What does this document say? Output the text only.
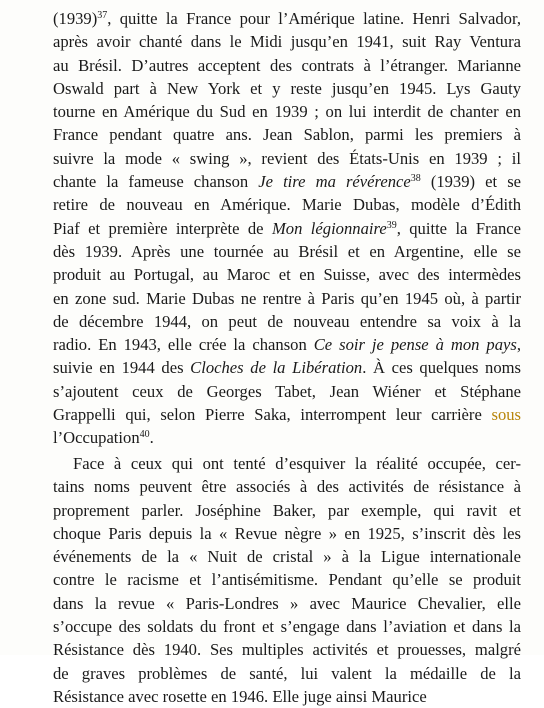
$(1939)^{37}$, quitte la France pour l’Amérique latine. Henri Salvador,
après avoir chanté dans le Midi jusqu’en 1941, suit Ray Ventura
au Brésil. D’autres acceptent des contrats à l’étranger. Marianne
Oswald part à New York et y reste jusqu’en 1945. Lys Gauty
tourne en Amérique du Sud en 1939 ; on lui interdit de chanter en
France pendant quatre ans. Jean Sablon, parmi les premiers à
suivre la mode « swing », revient des États-Unis en 1939 ; il
chante la fameuse chanson Je tire ma révérence$^{38}$ (1939) et se
retire de nouveau en Amérique. Marie Dubas, modèle d’Édith
Piaf et première interprète de Mon légionnaire$^{39}$, quitte la France
dès 1939. Après une tournée au Brésil et en Argentine, elle se
produit au Portugal, au Maroc et en Suisse, avec des intermèdes
en zone sud. Marie Dubas ne rentre à Paris qu’en 1945 où, à partir
de décembre 1944, on peut de nouveau entendre sa voix à la
radio. En 1943, elle crée la chanson Ce soir je pense à mon pays,
suivie en 1944 des Cloches de la Libération. À ces quelques noms
s’ajoutent ceux de Georges Tabet, Jean Wiéner et Stéphane
Grappelli qui, selon Pierre Saka, interrompent leur carrière sous
l’Occupation$^{40}$.
Face à ceux qui ont tenté d’esquiver la réalité occupée, cer-
tains noms peuvent être associés à des activités de résistance à
proprement parler. Joséphine Baker, par exemple, qui ravit et
choque Paris depuis la « Revue nègre » en 1925, s’inscrit dès les
événements de la « Nuit de cristal » à la Ligue internationale
contre le racisme et l’antisémitisme. Pendant qu’elle se produit
dans la revue « Paris-Londres » avec Maurice Chevalier, elle
s’occupe des soldats du front et s’engage dans l’aviation et dans la
Résistance dès 1940. Ses multiples activités et prouesses, malgré
de graves problèmes de santé, lui valent la médaille de la
Résistance avec rosette en 1946. Elle juge ainsi Maurice
